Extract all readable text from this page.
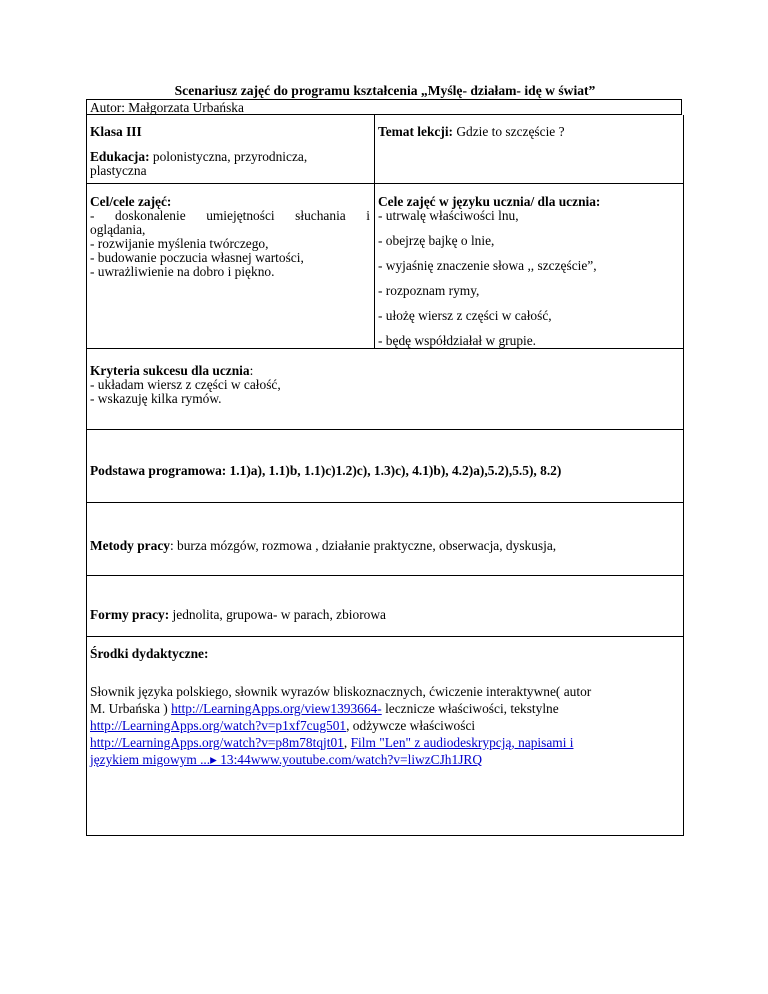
Scenariusz zajęć do programu kształcenia „Myślę- działam- idę w świat”
Autor: Małgorzata Urbańska
Klasa III	Temat lekcji: Gdzie to szczęście ?
Edukacja: polonistyczna, przyrodnicza,
plastyczna
Cel/cele zajęć:
- doskonalenie umiejętności słuchania i
oglądania,
- rozwijanie myślenia twórczego,
- budowanie poczucia własnej wartości,
- uwrażliwienie na dobro i piękno.
Cele zajęć w języku ucznia/ dla ucznia:
- utrwalę właściwości lnu,
- obejrzę bajkę o lnie,
- wyjaśnię znaczenie słowa ,, szczęście”,
- rozpoznam rymy,
- ułożę wiersz z części w całość,
- będę współdziałał w grupie.
Kryteria sukcesu dla ucznia:
- układam wiersz z części w całość,
- wskazuję kilka rymów.
Podstawa programowa: 1.1)a), 1.1)b, 1.1)c)1.2)c), 1.3)c), 4.1)b), 4.2)a),5.2),5.5), 8.2)
Metody pracy: burza mózgów, rozmowa , działanie praktyczne, obserwacja, dyskusja,
Formy pracy: jednolita, grupowa- w parach, zbiorowa
Środki dydaktyczne:
Słownik języka polskiego, słownik wyrazów bliskoznacznych, ćwiczenie interaktywne( autor
M. Urbańska ) http://LearningApps.org/view1393664- lecznicze właściwości, tekstylne
http://LearningApps.org/watch?v=p1xf7cug501, odżywcze właściwości
http://LearningApps.org/watch?v=p8m78tqjt01, Film "Len" z audiodeskrypcją, napisami i
językiem migowym ...▸ 13:44www.youtube.com/watch?v=liwzCJh1JRQ
